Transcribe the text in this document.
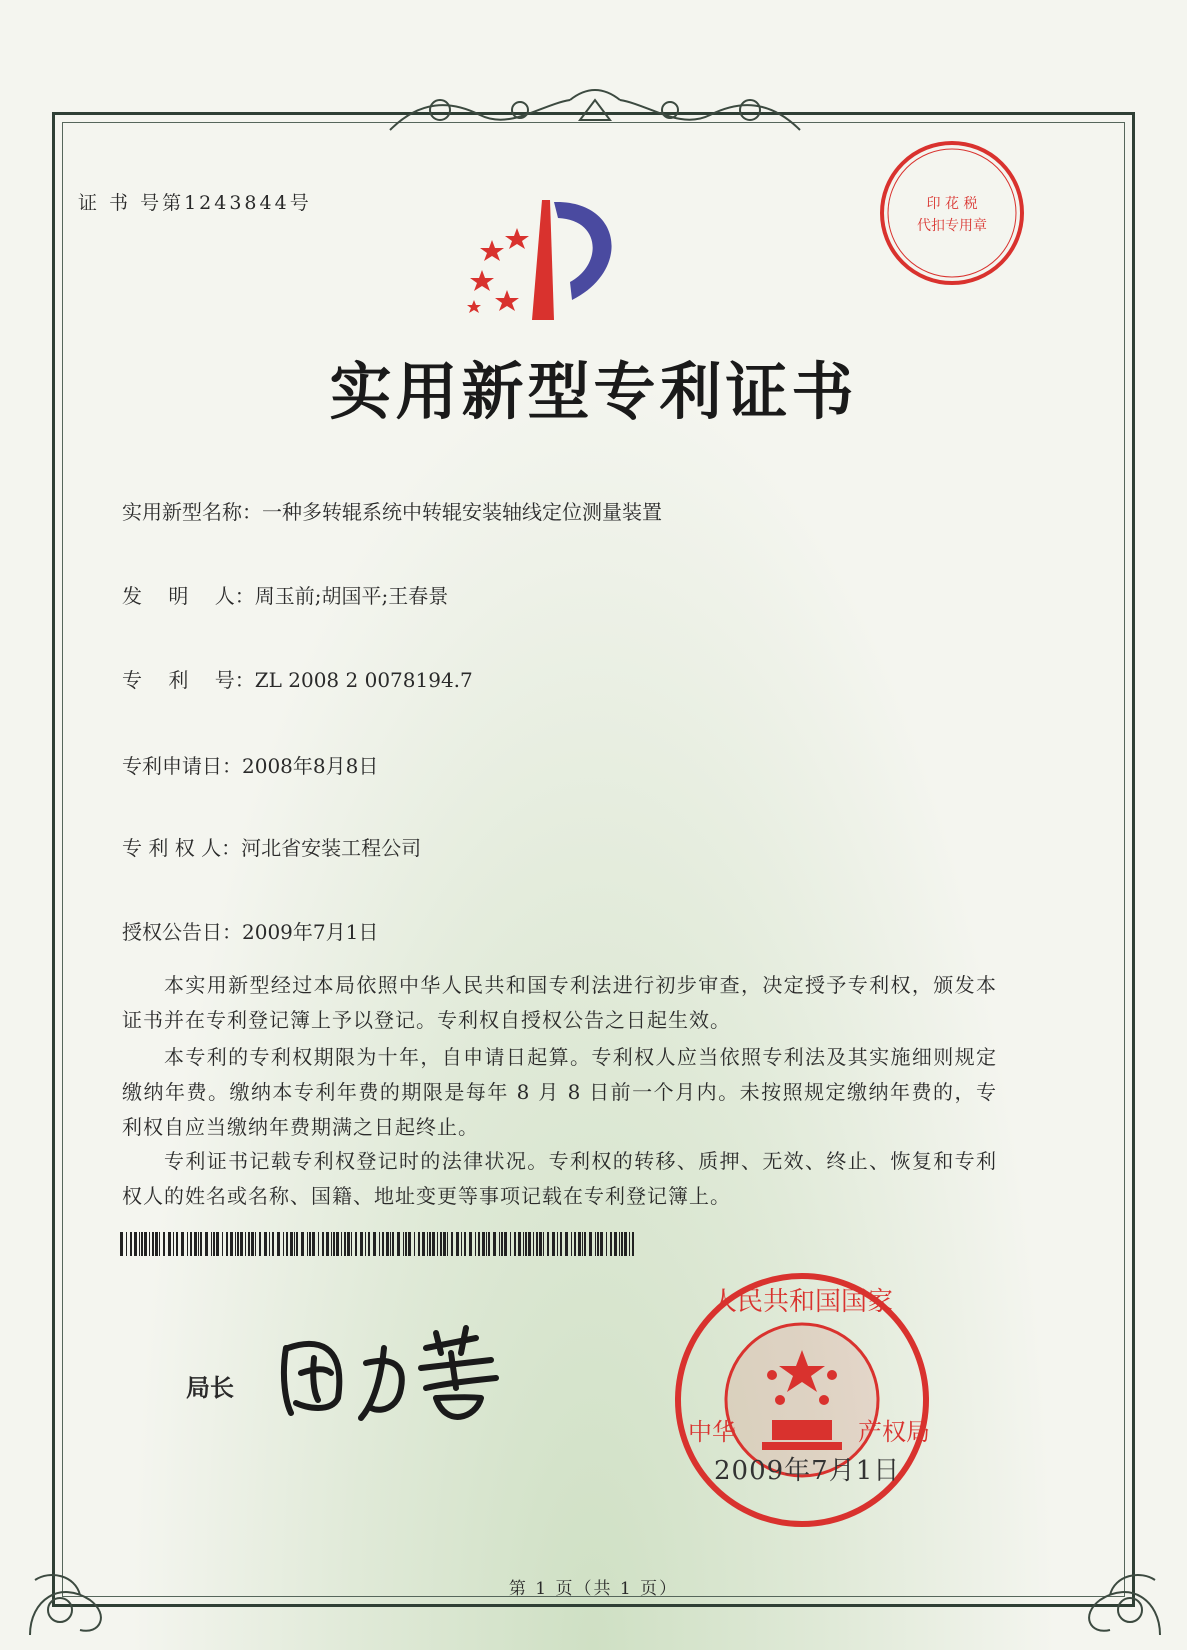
证 书 号第1243844号	印 花 税
代扣专用章
实用新型专利证书
实用新型名称：一种多转辊系统中转辊安装轴线定位测量装置
发　 明　 人：周玉前;胡国平;王春景
专　 利　 号：ZL 2008 2 0078194.7
专利申请日：2008年8月8日
专 利 权 人：河北省安装工程公司
授权公告日：2009年7月1日
本实用新型经过本局依照中华人民共和国专利法进行初步审查，决定授予专利权，颁发本证书并在专利登记簿上予以登记。专利权自授权公告之日起生效。
本专利的专利权期限为十年，自申请日起算。专利权人应当依照专利法及其实施细则规定缴纳年费。缴纳本专利年费的期限是每年 8 月 8 日前一个月内。未按照规定缴纳年费的，专利权自应当缴纳年费期满之日起终止。
专利证书记载专利权登记时的法律状况。专利权的转移、质押、无效、终止、恢复和专利权人的姓名或名称、国籍、地址变更等事项记载在专利登记簿上。
局长
人民共和国国家
中华	产权局
2009年7月1日
第 1 页（共 1 页）
